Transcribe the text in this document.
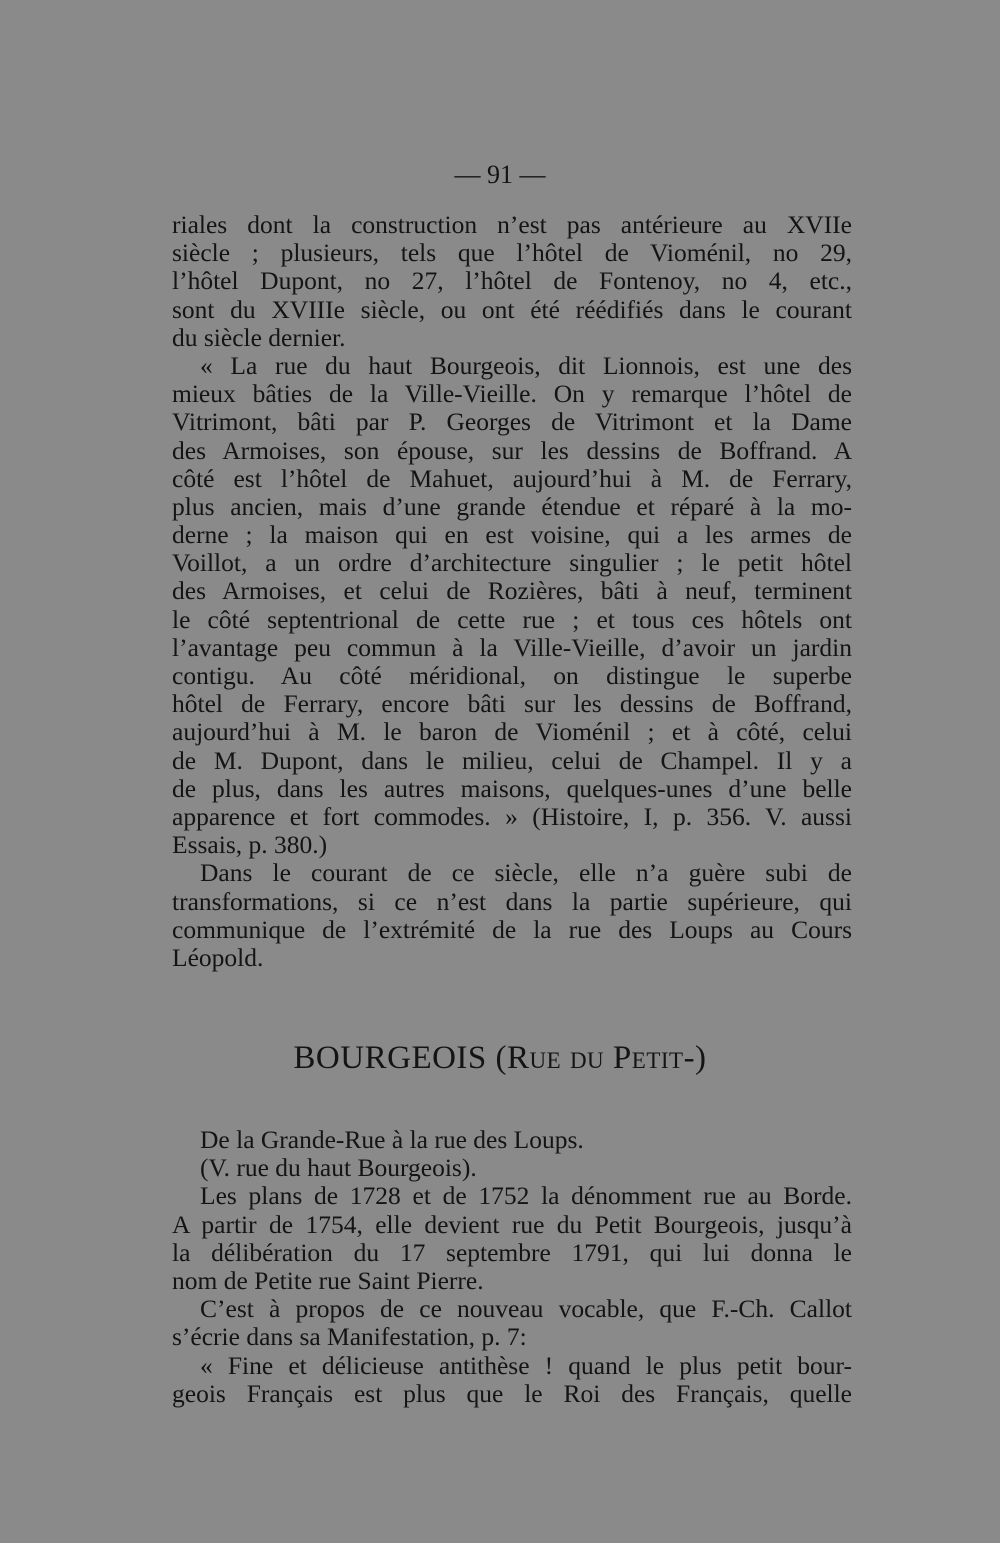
— 91 —
riales dont la construction n’est pas antérieure au XVIIe
siècle ; plusieurs, tels que l’hôtel de Vioménil, no 29,
l’hôtel Dupont, no 27, l’hôtel de Fontenoy, no 4, etc.,
sont du XVIIIe siècle, ou ont été réédifiés dans le courant
du siècle dernier.
« La rue du haut Bourgeois, dit Lionnois, est une des
mieux bâties de la Ville-Vieille. On y remarque l’hôtel de
Vitrimont, bâti par P. Georges de Vitrimont et la Dame
des Armoises, son épouse, sur les dessins de Boffrand. A
côté est l’hôtel de Mahuet, aujourd’hui à M. de Ferrary,
plus ancien, mais d’une grande étendue et réparé à la mo-
derne ; la maison qui en est voisine, qui a les armes de
Voillot, a un ordre d’architecture singulier ; le petit hôtel
des Armoises, et celui de Rozières, bâti à neuf, terminent
le côté septentrional de cette rue ; et tous ces hôtels ont
l’avantage peu commun à la Ville-Vieille, d’avoir un jardin
contigu. Au côté méridional, on distingue le superbe
hôtel de Ferrary, encore bâti sur les dessins de Boffrand,
aujourd’hui à M. le baron de Vioménil ; et à côté, celui
de M. Dupont, dans le milieu, celui de Champel. Il y a
de plus, dans les autres maisons, quelques-unes d’une belle
apparence et fort commodes. » (Histoire, I, p. 356. V. aussi
Essais, p. 380.)
Dans le courant de ce siècle, elle n’a guère subi de
transformations, si ce n’est dans la partie supérieure, qui
communique de l’extrémité de la rue des Loups au Cours
Léopold.
BOURGEOIS (Rue du Petit-)
De la Grande-Rue à la rue des Loups.
(V. rue du haut Bourgeois).
Les plans de 1728 et de 1752 la dénomment rue au Borde.
A partir de 1754, elle devient rue du Petit Bourgeois, jusqu’à
la délibération du 17 septembre 1791, qui lui donna le
nom de Petite rue Saint Pierre.
C’est à propos de ce nouveau vocable, que F.-Ch. Callot
s’écrie dans sa Manifestation, p. 7:
« Fine et délicieuse antithèse ! quand le plus petit bour-
geois Français est plus que le Roi des Français, quelle
